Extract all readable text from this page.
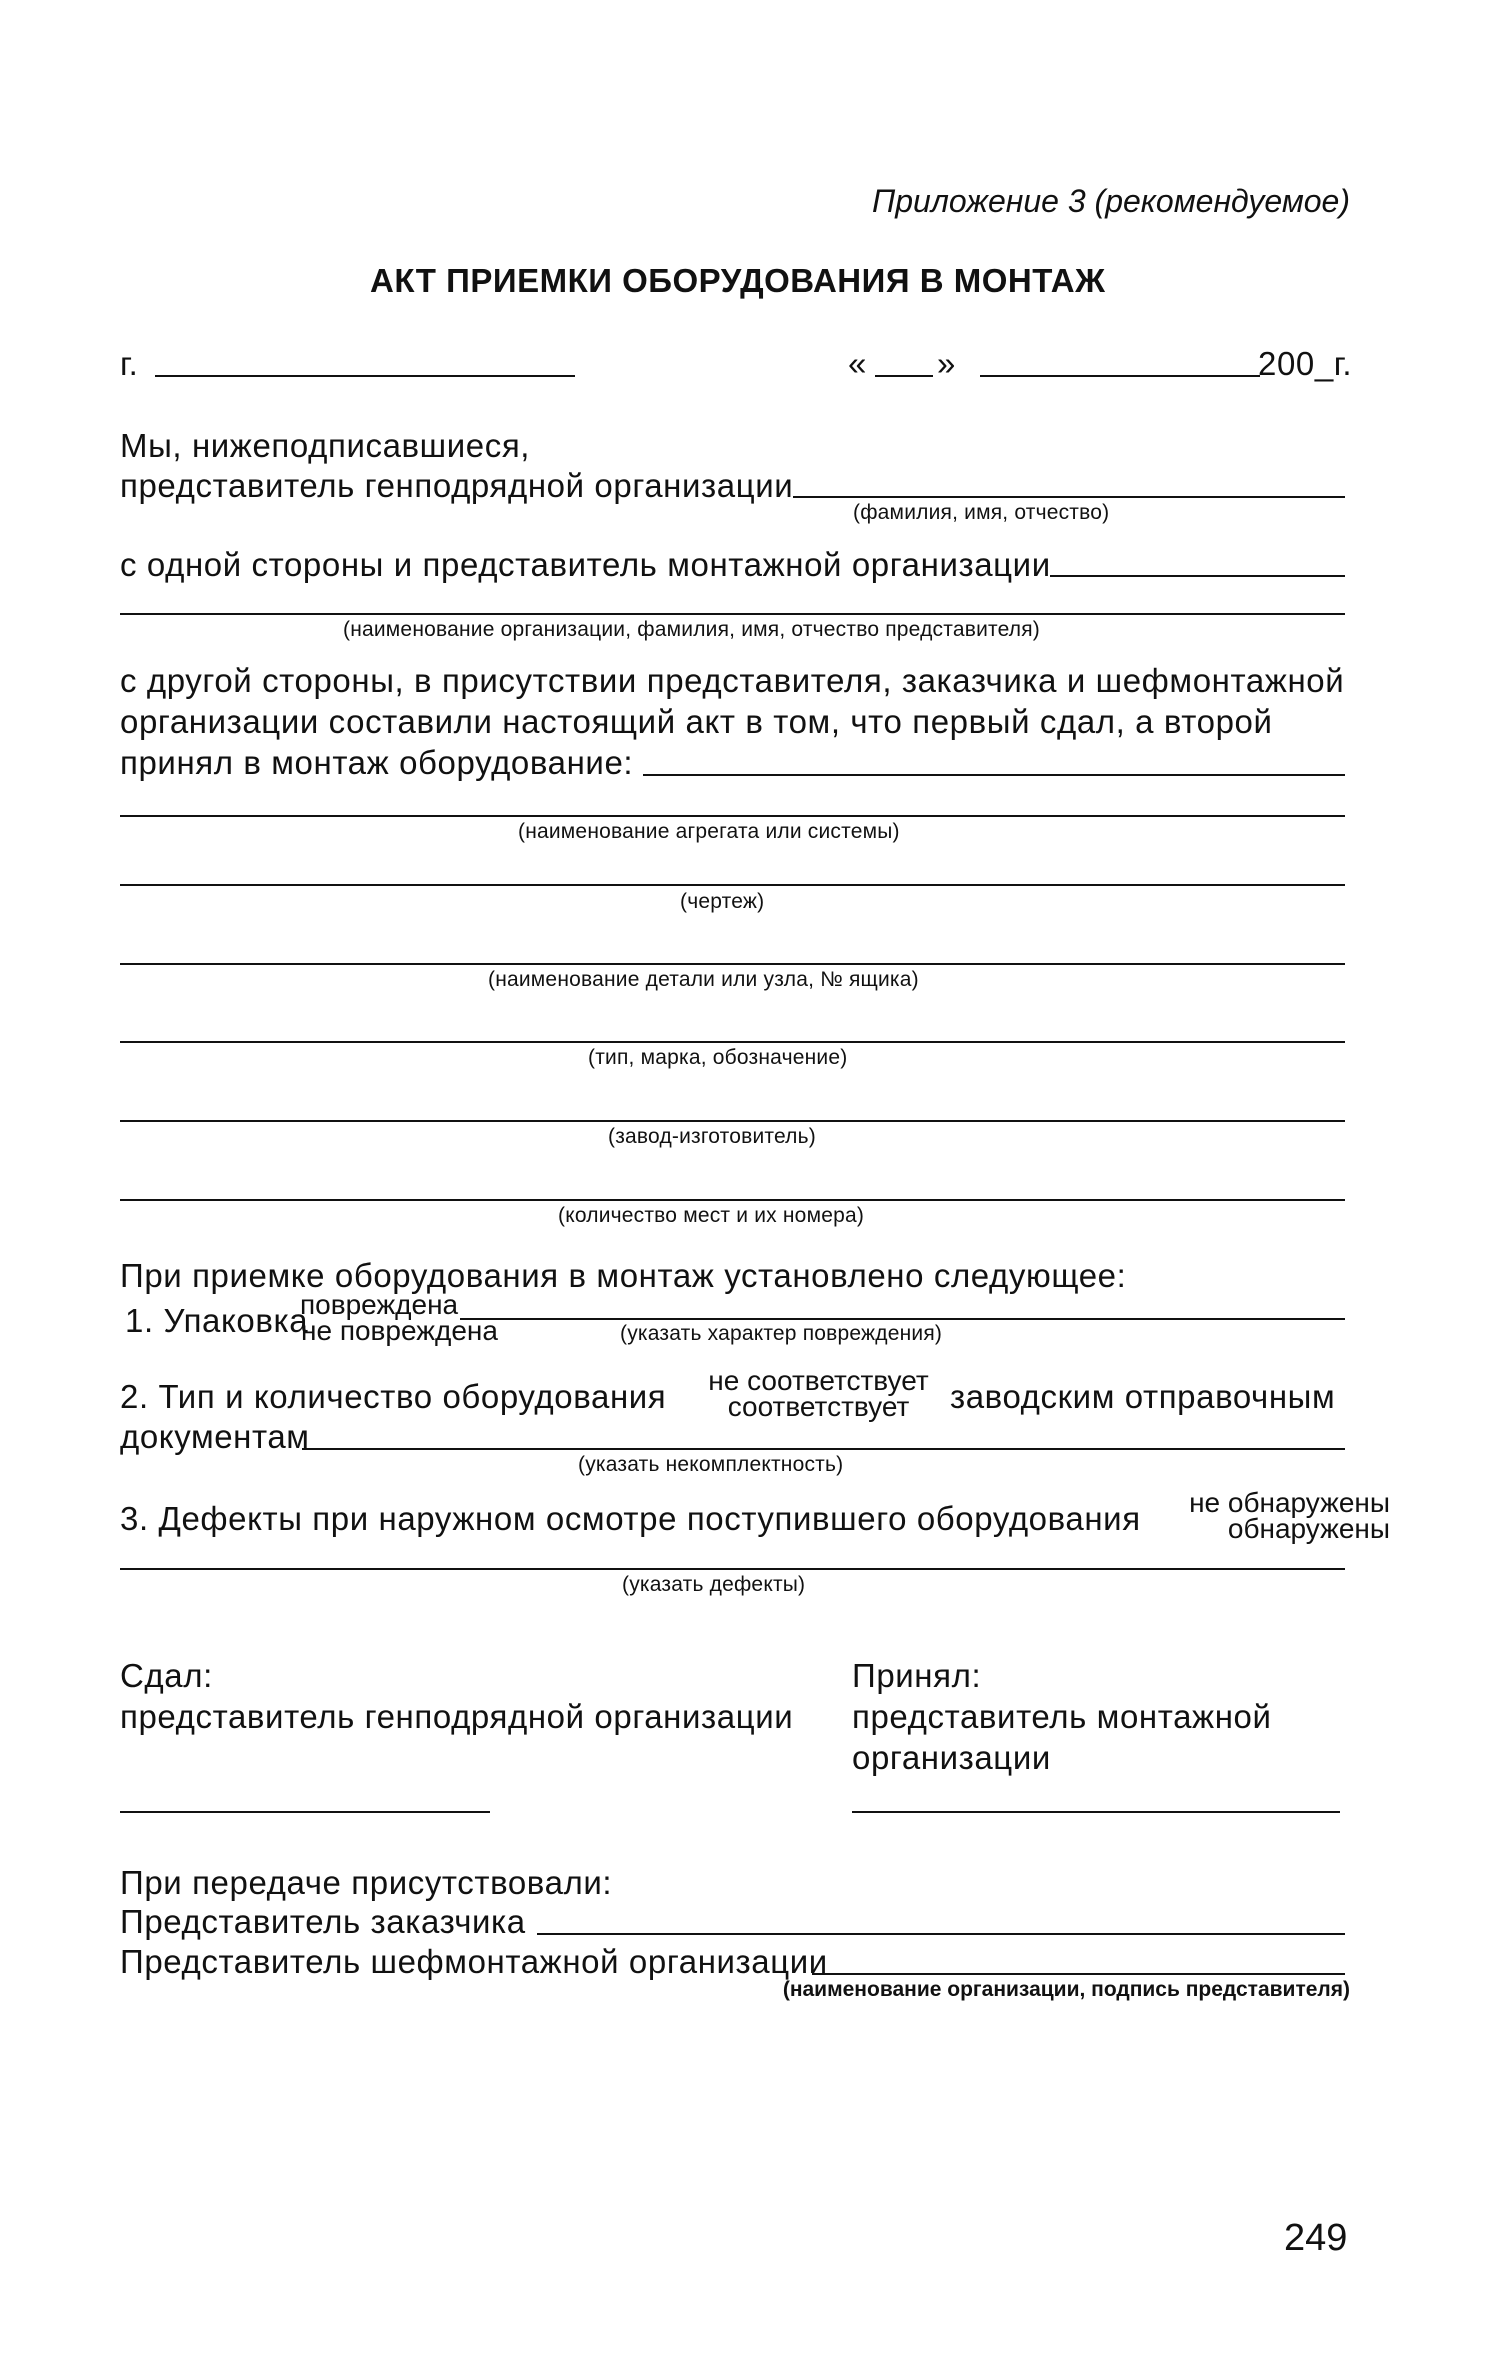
Приложение 3 (рекомендуемое)
АКТ ПРИЕМКИ ОБОРУДОВАНИЯ В МОНТАЖ
г.	« »	200_г.
Мы, нижеподписавшиеся,
представитель генподрядной организации
(фамилия, имя, отчество)
с одной стороны и представитель монтажной организации
(наименование организации, фамилия, имя, отчество представителя)
с другой стороны, в присутствии представителя, заказчика и шефмонтажной
организации составили настоящий акт в том, что первый сдал, а второй
принял в монтаж оборудование:
(наименование агрегата или системы)
(чертеж)
(наименование детали или узла, № ящика)
(тип, марка, обозначение)
(завод-изготовитель)
(количество мест и их номера)
При приемке оборудования в монтаж установлено следующее:
1. Упаковка
повреждена
не повреждена	(указать характер повреждения)
2. Тип и количество оборудования	не соответствует
соответствует	заводским отправочным
документам
(указать некомплектность)
3. Дефекты при наружном осмотре поступившего оборудования	не обнаружены
обнаружены
(указать дефекты)
Сдал:
представитель генподрядной организации
Принял:
представитель монтажной
организации
При передаче присутствовали:
Представитель заказчика
Представитель шефмонтажной организации
(наименование организации, подпись представителя)
249
